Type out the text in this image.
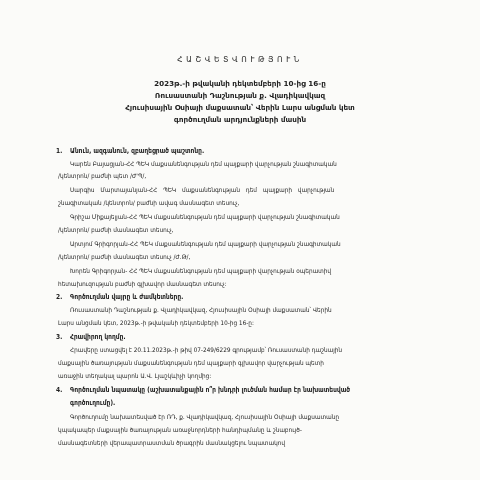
ՀԱՇՎԵՏՎՈՒԹՅՈՒՆ
2023թ.-ի թվականի դեկտեմբերի 10-ից 16-ը
Ռուսաստանի Դաշնության ք. Վլադիկավկազ
Հյուսիսային Օսիայի մաքսատան՝ Վերին Լարս անցման կետ
գործուղման արդյունքների մասին
1. Անուն, ազգանուն, զբաղեցրած պաշտոնը.
Կարեն Բայացյան-ՀՀ ՊԵԿ մաքսանենգության դեմ պայքարի վարչության շնագիտական
/կենտրոն/ բաժնի պետ /Ժ'Պ/,
Սարգիս Մարտայանյան-ՀՀ ՊԵԿ մաքսանենգության դեմ պայքարի վարչության
շնագիտական /կենտրոն/ բաժնի ավագ մասնագետ տեսուչ,
Գրիշա Միքայելյան-ՀՀ ՊԵԿ մաքսանենգության դեմ պայքարի վարչության շնագիտական
/կենտրոն/ բաժնի մասնագետ տեսուչ,
Արտյոմ Գրիգորյան-ՀՀ ՊԵԿ մաքսանենգության դեմ պայքարի վարչության շնագիտական
/կենտրոն/ բաժնի մասնագետ տեսուչ /Ժ.Թ/,
Խորեն Գրիգորյան- ՀՀ ՊԵԿ մաքսանենգության դեմ պայքարի վարչության օպերատիվ
հետախուզության բաժնի գլխավոր մասնագետ տեսուչ:
2. Գործուղման վայրը և ժամկետները.
Ռուսաստանի Դաշնության ք. Վլադիկավկազ, Հյուսիսային Օսիայի մաքսատան՝ Վերին
Լարս անցման կետ, 2023թ.-ի թվականի դեկտեմբերի 10-ից 16-ը:
3. Հրավիրող կողմը.
Հրավերը ստացվել է 20.11.2023թ.-ի թիվ 07-249/6229 գրությամբ՝ Ռուսաստանի դաշնային
մաքսային ծառայության մաքսանենգության դեմ պայքարի գլխավոր վարչության պետի
առաջին տեղակալ պարոն Ա.Վ. Լյաշկևիչի կողմից:
4. Գործուղման նպատակը (աշխատանքային ո՞ր խնդրի լուծման համար էր նախատեսված
գործուղումը).
Գործուղումը նախատեսված էր ՌԴ, ք. Վլադիկավկազ, Հյուսիսային Օսիայի մաքսատանը
կպակապեր մաքսային ծառայության առաջնորդների հանդիպմանը և շնաբույծ-
մասնագետների վերապատրաստման ծրագրին մասնակցելու նպատակով
